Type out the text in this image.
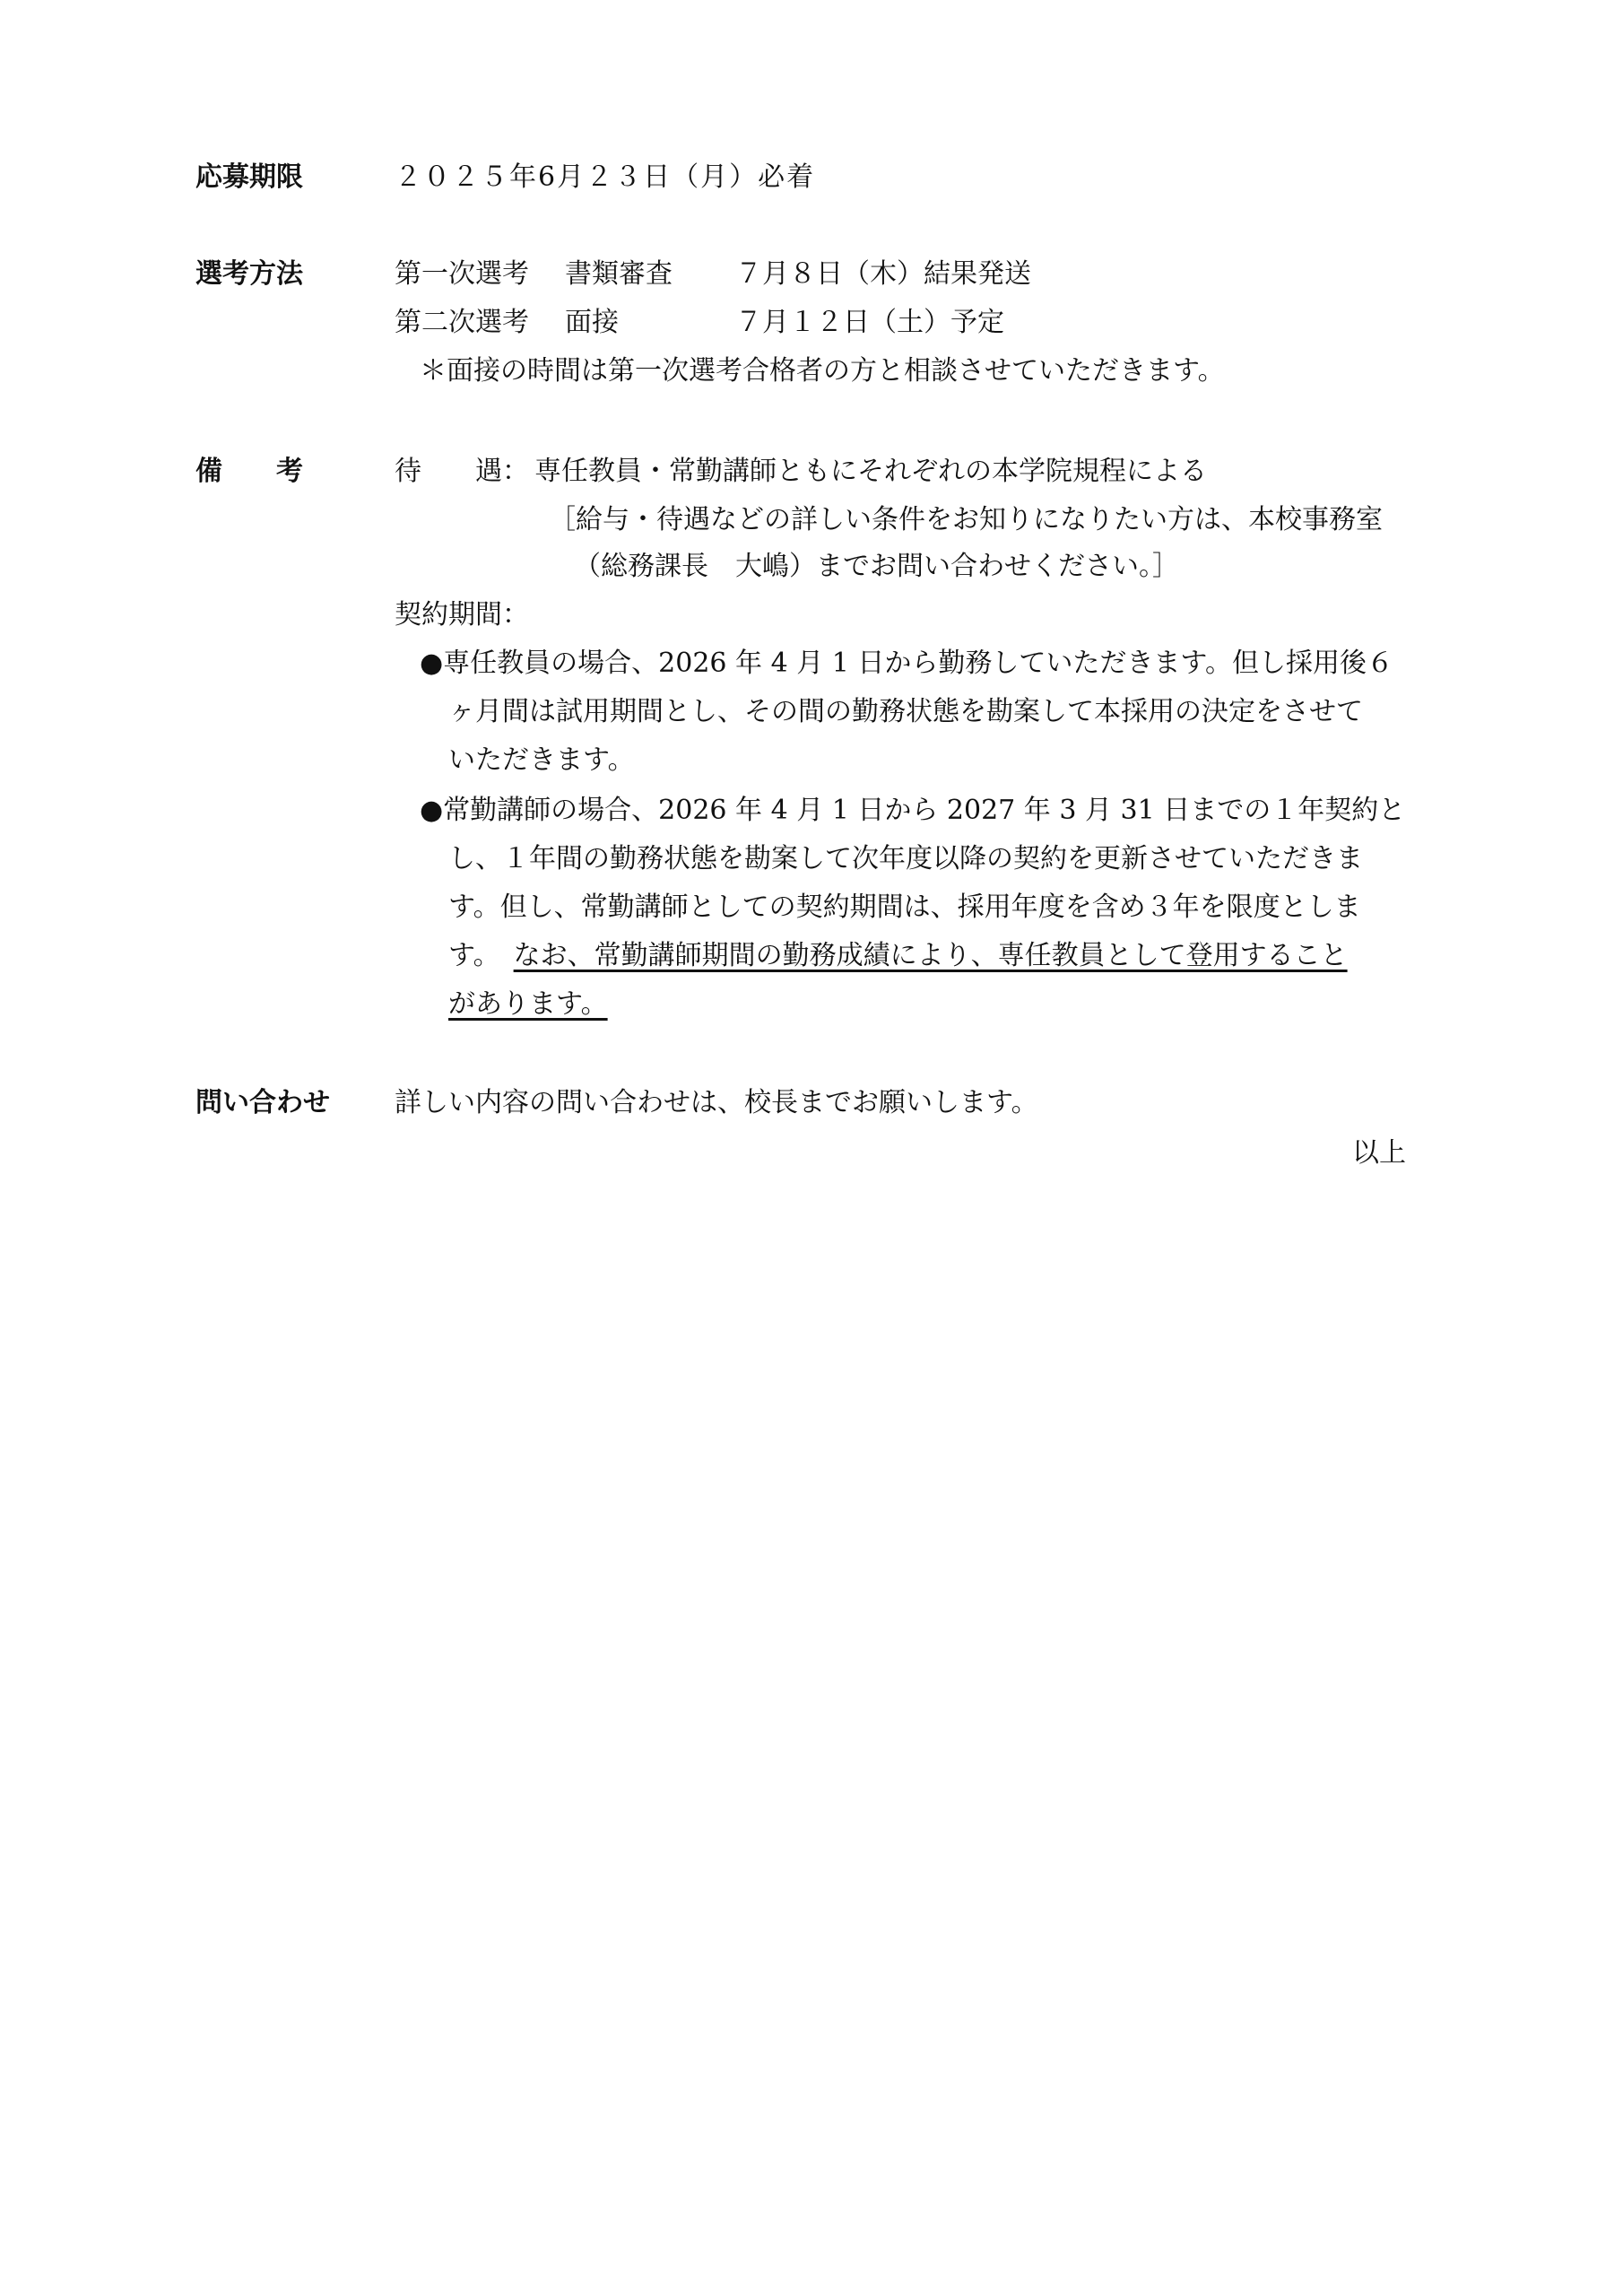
応募期限	２０２５年6月２３日（月）必着
選考方法	第一次選考 書類審査 ７月８日（木）結果発送
第二次選考 面接	７月１２日（土）予定
＊面接の時間は第一次選考合格者の方と相談させていただきます。
備　　考	待　　遇： 専任教員・常勤講師ともにそれぞれの本学院規程による
［給与・待遇などの詳しい条件をお知りになりたい方は、本校事務室
（総務課長　大嶋）までお問い合わせください。］
契約期間：
●専任教員の場合、2026 年 4 月 1 日から勤務していただきます。但し採用後６
ヶ月間は試用期間とし、その間の勤務状態を勘案して本採用の決定をさせて
いただきます。
●常勤講師の場合、2026 年 4 月 1 日から 2027 年 3 月 31 日までの１年契約と
し、１年間の勤務状態を勘案して次年度以降の契約を更新させていただきま
す。但し、常勤講師としての契約期間は、採用年度を含め３年を限度としま
す。　なお、常勤講師期間の勤務成績により、専任教員として登用すること
があります。
問い合わせ 詳しい内容の問い合わせは、校長までお願いします。
以上
